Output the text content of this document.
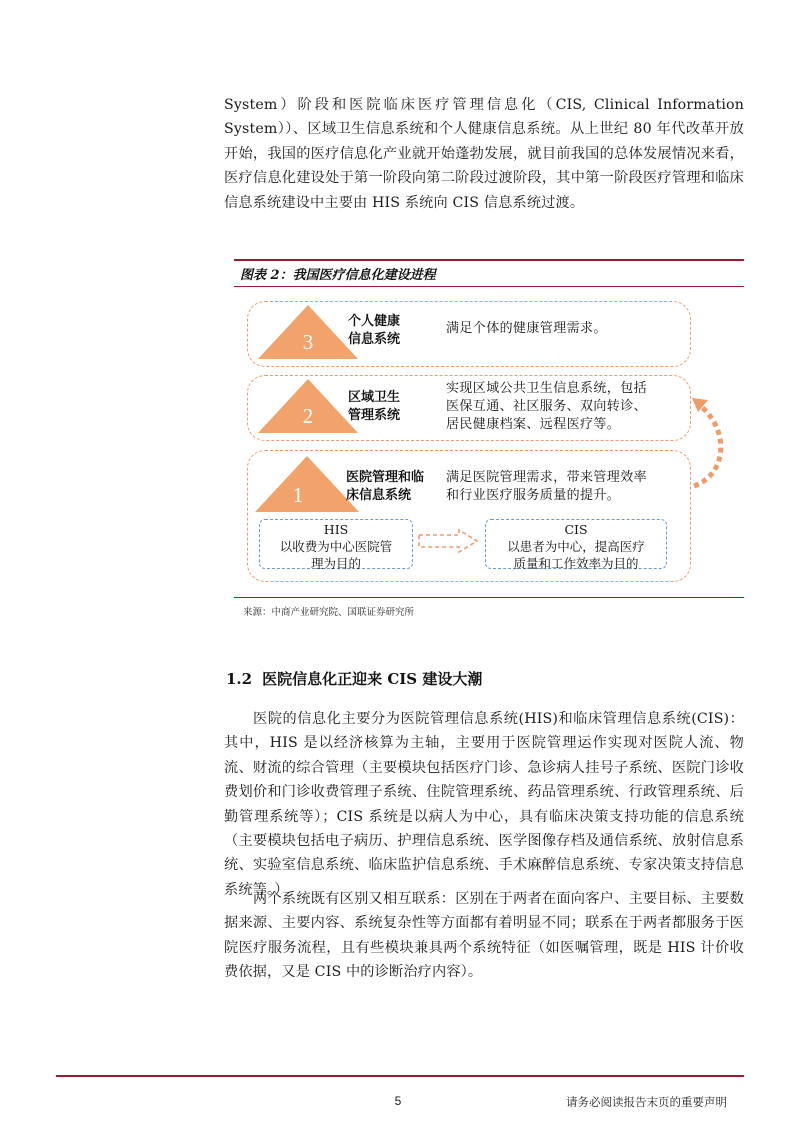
System）阶段和医院临床医疗管理信息化（CIS, Clinical Information System））、区域卫生信息系统和个人健康信息系统。从上世纪 80 年代改革开放开始，我国的医疗信息化产业就开始蓬勃发展，就目前我国的总体发展情况来看，医疗信息化建设处于第一阶段向第二阶段过渡阶段，其中第一阶段医疗管理和临床信息系统建设中主要由 HIS 系统向 CIS 信息系统过渡。

图表 2：我国医疗信息化建设进程
3
个人健康
信息系统
满足个体的健康管理需求。
2
区域卫生
管理系统
实现区域公共卫生信息系统，包括
医保互通、社区服务、双向转诊、
居民健康档案、远程医疗等。
1
医院管理和临
床信息系统
满足医院管理需求，带来管理效率
和行业医疗服务质量的提升。
HIS
以收费为中心医院管
理为目的
CIS
以患者为中心，提高医疗
质量和工作效率为目的
来源：中商产业研究院、国联证券研究所
1.2 医院信息化正迎来 CIS 建设大潮

医院的信息化主要分为医院管理信息系统(HIS)和临床管理信息系统(CIS)：其中，HIS 是以经济核算为主轴，主要用于医院管理运作实现对医院人流、物流、财流的综合管理（主要模块包括医疗门诊、急诊病人挂号子系统、医院门诊收费划价和门诊收费管理子系统、住院管理系统、药品管理系统、行政管理系统、后勤管理系统等）；CIS 系统是以病人为中心，具有临床决策支持功能的信息系统（主要模块包括电子病历、护理信息系统、医学图像存档及通信系统、放射信息系统、实验室信息系统、临床监护信息系统、手术麻醉信息系统、专家决策支持信息系统等。）

两个系统既有区别又相互联系：区别在于两者在面向客户、主要目标、主要数据来源、主要内容、系统复杂性等方面都有着明显不同；联系在于两者都服务于医院医疗服务流程，且有些模块兼具两个系统特征（如医嘱管理，既是 HIS 计价收费依据，又是 CIS 中的诊断治疗内容）。

5	请务必阅读报告末页的重要声明
